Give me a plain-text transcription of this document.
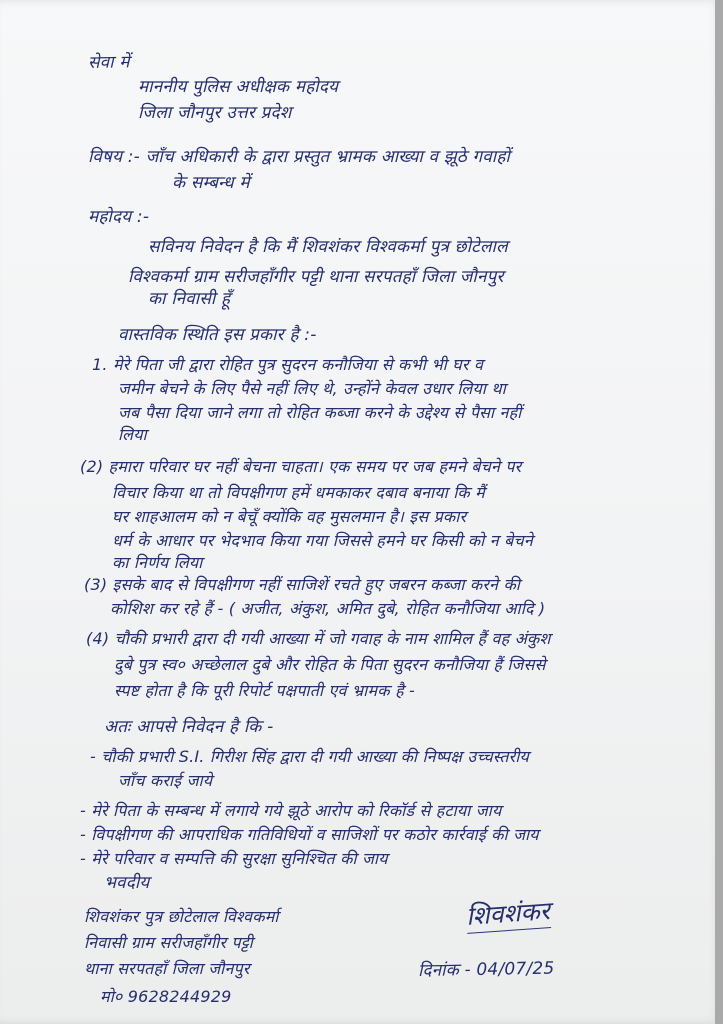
सेवा में
माननीय पुलिस अधीक्षक महोदय
जिला जौनपुर उत्तर प्रदेश
विषय :- जाँच अधिकारी के द्वारा प्रस्तुत भ्रामक आख्या व झूठे गवाहों
के सम्बन्ध में
महोदय :-
सविनय निवेदन है कि मैं शिवशंकर विश्वकर्मा पुत्र छोटेलाल
विश्वकर्मा ग्राम सरीजहाँगीर पट्टी थाना सरपतहाँ जिला जौनपुर
का निवासी हूँ
वास्तविक स्थिति इस प्रकार है :-
1. मेरे पिता जी द्वारा रोहित पुत्र सुदरन कनौजिया से कभी भी घर व
जमीन बेचने के लिए पैसे नहीं लिए थे, उन्होंने केवल उधार लिया था
जब पैसा दिया जाने लगा तो रोहित कब्जा करने के उद्देश्य से पैसा नहीं
लिया
(2) हमारा परिवार घर नहीं बेचना चाहता। एक समय पर जब हमने बेचने पर
विचार किया था तो विपक्षीगण हमें धमकाकर दबाव बनाया कि मैं
घर शाहआलम को न बेचूँ क्योंकि वह मुसलमान है। इस प्रकार
धर्म के आधार पर भेदभाव किया गया जिससे हमने घर किसी को न बेचने
का निर्णय लिया
(3) इसके बाद से विपक्षीगण नहीं साजिशें रचते हुए जबरन कब्जा करने की
कोशिश कर रहे हैं - ( अजीत, अंकुश, अमित दुबे, रोहित कनौजिया आदि )
(4) चौकी प्रभारी द्वारा दी गयी आख्या में जो गवाह के नाम शामिल हैं वह अंकुश
दुबे पुत्र स्व० अच्छेलाल दुबे और रोहित के पिता सुदरन कनौजिया हैं जिससे
स्पष्ट होता है कि पूरी रिपोर्ट पक्षपाती एवं भ्रामक है -
अतः आपसे निवेदन है कि -
- चौकी प्रभारी S.I. गिरीश सिंह द्वारा दी गयी आख्या की निष्पक्ष उच्चस्तरीय
जाँच कराई जाये
- मेरे पिता के सम्बन्ध में लगाये गये झूठे आरोप को रिकॉर्ड से हटाया जाय
- विपक्षीगण की आपराधिक गतिविधियों व साजिशों पर कठोर कार्रवाई की जाय
- मेरे परिवार व सम्पत्ति की सुरक्षा सुनिश्चित की जाय
भवदीय
शिवशंकर पुत्र छोटेलाल विश्वकर्मा
निवासी ग्राम सरीजहाँगीर पट्टी
थाना सरपतहाँ जिला जौनपुर
मो० 9628244929
शिवशंकर
दिनांक - 04/07/25
